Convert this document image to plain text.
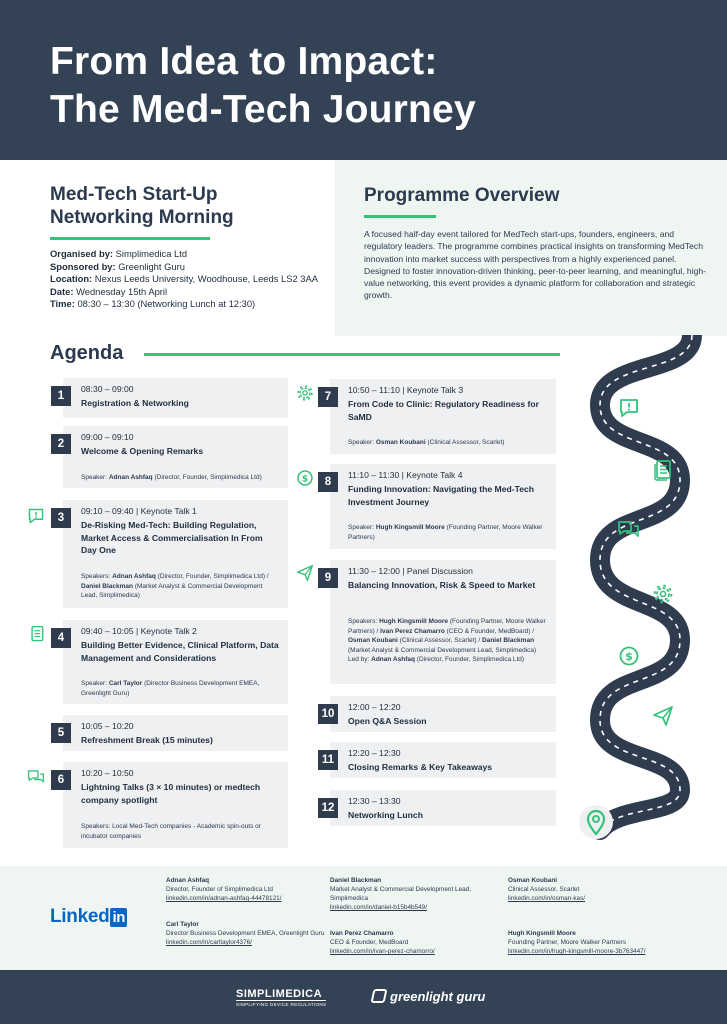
From Idea to Impact:
The Med-Tech Journey
Med-Tech Start-Up
Networking Morning
Organised by: Simplimedica Ltd
Sponsored by: Greenlight Guru
Location: Nexus Leeds University, Woodhouse, Leeds LS2 3AA
Date: Wednesday 15th April
Time: 08:30 – 13:30 (Networking Lunch at 12:30)
Programme Overview

A focused half-day event tailored for MedTech start-ups, founders, engineers, and regulatory leaders. The programme combines practical insights on transforming MedTech innovation into market success with perspectives from a highly experienced panel. Designed to foster innovation-driven thinking, peer-to-peer learning, and meaningful, high-value networking, this event provides a dynamic platform for collaboration and strategic growth.

Agenda
$
$
1
08:30 – 09:00
Registration & Networking
2
09:00 – 09:10
Welcome & Opening Remarks
Speaker: Adnan Ashfaq (Director, Founder, Simplimedica Ltd)
3
09:10 – 09:40 | Keynote Talk 1
De-Risking Med-Tech: Building Regulation, Market Access & Commercialisation In From Day One
Speakers: Adnan Ashfaq (Director, Founder, Simplimedica Ltd) / Daniel Blackman (Market Analyst & Commercial Development Lead, Simplimedica)
4
09:40 – 10:05 | Keynote Talk 2
Building Better Evidence, Clinical Platform, Data Management and Considerations
Speaker: Carl Taylor (Director Business Development EMEA, Greenlight Guru)
5
10:05 – 10:20
Refreshment Break (15 minutes)
6
10:20 – 10:50
Lightning Talks (3 × 10 minutes) or medtech company spotlight
Speakers: Local Med-Tech companies - Academic spin-outs or incubator companies
7
10:50 – 11:10 | Keynote Talk 3
From Code to Clinic: Regulatory Readiness for SaMD
Speaker: Osman Koubani (Clinical Assessor, Scarlet)
8
11:10 – 11:30 | Keynote Talk 4
Funding Innovation: Navigating the Med-Tech Investment Journey
Speaker: Hugh Kingsmill Moore (Founding Partner, Moore Walker Partners)
9
11:30 – 12:00 | Panel Discussion
Balancing Innovation, Risk & Speed to Market
Speakers: Hugh Kingsmill Moore (Founding Partner, Moore Walker Partners) / Ivan Perez Chamarro (CEO & Founder, MedBoard) / Osman Koubani (Clinical Assessor, Scarlet) / Daniel Blackman (Market Analyst & Commercial Development Lead, Simplimedica)
Led by: Adnan Ashfaq (Director, Founder, Simplimedica Ltd)
10
12:00 – 12:20
Open Q&A Session
11
12:20 – 12:30
Closing Remarks & Key Takeaways
12
12:30 – 13:30
Networking Lunch
Linked in
Adnan Ashfaq
Director, Founder of Simplimedica Ltd
linkedin.com/in/adnan-ashfaq-44478121/
Daniel Blackman
Market Analyst & Commercial Development Lead, Simplimedica
linkedin.com/in/daniel-b15b4b549/
Osman Koubani
Clinical Assessor, Scarlet
linkedin.com/in/osman-kas/
Carl Taylor
Director Business Development EMEA, Greenlight Guru
linkedin.com/in/carltaylor4376/
Ivan Perez Chamarro
CEO & Founder, MedBoard
linkedin.com/in/ivan-perez-chamorro/
Hugh Kingsmill Moore
Founding Partner, Moore Walker Partners
linkedin.com/in/hugh-kingsmill-moore-3b763447/
SIMPLIMEDICA
SIMPLIFYING DEVICE REGULATIONS
greenlight guru
